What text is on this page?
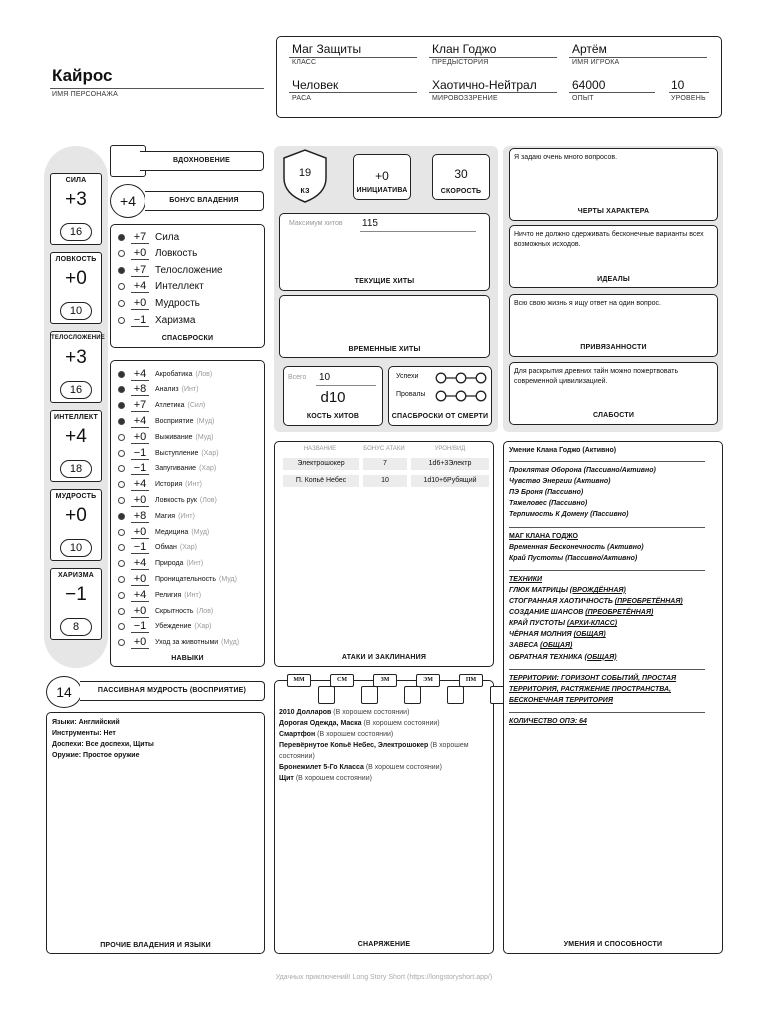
Кайрос
ИМЯ ПЕРСОНАЖА
Маг Защиты
КЛАСС
Клан Годжо
ПРЕДЫСТОРИЯ
Артём
ИМЯ ИГРОКА
Человек
РАСА
Хаотично-Нейтрал
МИРОВОЗЗРЕНИЕ
64000
ОПЫТ
10
УРОВЕНЬ
СИЛА
+3
16
ЛОВКОСТЬ
+0
10
ТЕЛОСЛОЖЕНИЕ
+3
16
ИНТЕЛЛЕКТ
+4
18
МУДРОСТЬ
+0
10
ХАРИЗМА
−1
8
ВДОХНОВЕНИЕ
+4	БОНУС ВЛАДЕНИЯ
+7 Сила
+0 Ловкость
+7 Телосложение
+4 Интеллект
+0 Мудрость
−1 Харизма
СПАСБРОСКИ
+4	Акробатика (Лов)
+8	Анализ (Инт)
+7	Атлетика (Сил)
+4	Восприятие (Муд)
+0	Выживание (Муд)
−1	Выступление (Хар)
−1	Запугивание (Хар)
+4	История (Инт)
+0	Ловкость рук (Лов)
+8	Магия (Инт)
+0	Медицина (Муд)
−1	Обман (Хар)
+4	Природа (Инт)
+0	Проницательность (Муд)
+4	Религия (Инт)
+0	Скрытность (Лов)
−1	Убеждение (Хар)
+0	Уход за животными (Муд)
НАВЫКИ
14	ПАССИВНАЯ МУДРОСТЬ (ВОСПРИЯТИЕ)
Языки: Английский
Инструменты: Нет
Доспехи: Все доспехи, Щиты
Оружие: Простое оружие
ПРОЧИЕ ВЛАДЕНИЯ И ЯЗЫКИ
19
КЗ
+0
ИНИЦИАТИВА
30
СКОРОСТЬ
Максимум хитов 115
ТЕКУЩИЕ ХИТЫ
ВРЕМЕННЫЕ ХИТЫ
Всего 10
d10
КОСТЬ ХИТОВ
Успехи
Провалы
СПАСБРОСКИ ОТ СМЕРТИ
НАЗВАНИЕ	БОНУС АТАКИ	УРОН/ВИД
АТАКИ И ЗАКЛИНАНИЯ
Электрошокер	7	1d6+3Электр
П. Копьё Небес	10	1d10+6Рубящий
2010 Долларов (В хорошем состоянии)
Дорогая Одежда, Маска (В хорошем состоянии)
Смартфон (В хорошем состоянии)
Перевёрнутое Копьё Небес, Электрошокер (В хорошем состоянии)
Бронежилет 5-Го Класса (В хорошем состоянии)
Щит (В хорошем состоянии)
СНАРЯЖЕНИЕ
ММ	СМ	ЗМ	ЭМ	ПМ
Я задаю очень много вопросов.
ЧЕРТЫ ХАРАКТЕРА
Ничто не должно сдерживать бесконечные варианты всех возможных исходов.
ИДЕАЛЫ
Всю свою жизнь я ищу ответ на один вопрос.
ПРИВЯЗАННОСТИ
Для раскрытия древних тайн можно пожертвовать современной цивилизацией.
СЛАБОСТИ
Умение Клана Годжо (Активно)
Проклятая Оборона (Пассивно/Активно)
Чувство Энергии (Активно)
ПЭ Броня (Пассивно)
Тяжеловес (Пассивно)
Терпимость К Домену (Пассивно)
МАГ КЛАНА ГОДЖО
Временная Бесконечность (Активно)
Край Пустоты (Пассивно/Активно)
ТЕХНИКИ
ГЛЮК МАТРИЦЫ (ВРОЖДЁННАЯ)
СТОГРАННАЯ ХАОТИЧНОСТЬ (ПРЕОБРЕТЁННАЯ)
СОЗДАНИЕ ШАНСОВ (ПРЕОБРЕТЁННАЯ)
КРАЙ ПУСТОТЫ (АРХИ-КЛАСС)
ЧЁРНАЯ МОЛНИЯ (ОБЩАЯ)
ЗАВЕСА (ОБЩАЯ)
ОБРАТНАЯ ТЕХНИКА (ОБЩАЯ)
ТЕРРИТОРИИ: ГОРИЗОНТ СОБЫТИЙ, ПРОСТАЯ
ТЕРРИТОРИЯ, РАСТЯЖЕНИЕ ПРОСТРАНСТВА,
БЕСКОНЕЧНАЯ ТЕРРИТОРИЯ
КОЛИЧЕСТВО ОПЭ: 64
УМЕНИЯ И СПОСОБНОСТИ
Удачных приключений! Long Story Short (https://longstoryshort.app/)
